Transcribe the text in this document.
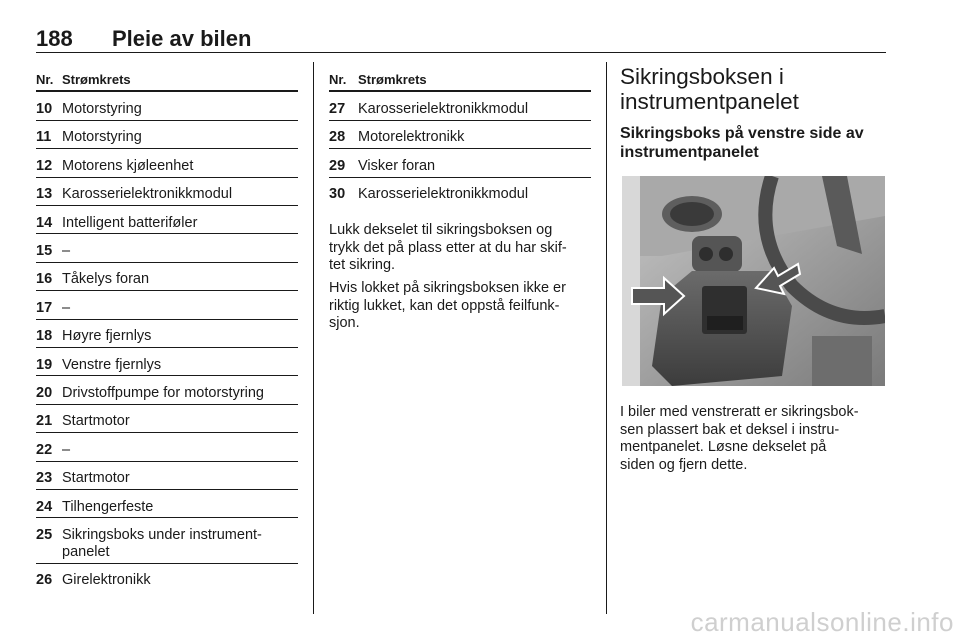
188 Pleie av bilen
Nr. Strømkrets
10 Motorstyring
11 Motorstyring
12 Motorens kjøleenhet
13 Karosserielektronikkmodul
14 Intelligent batteriføler
15 –
16 Tåkelys foran
17 –
18 Høyre fjernlys
19 Venstre fjernlys
20 Drivstoffpumpe for motorstyring
21 Startmotor
22 –
23 Startmotor
24 Tilhengerfeste
25 Sikringsboks under instrument-
panelet
26 Girelektronikk
Nr. Strømkrets
27 Karosserielektronikkmodul
28 Motorelektronikk
29 Visker foran
30 Karosserielektronikkmodul
Lukk dekselet til sikringsboksen og
trykk det på plass etter at du har skif-
tet sikring.
Hvis lokket på sikringsboksen ikke er
riktig lukket, kan det oppstå feilfunk-
sjon.
Sikringsboksen i
instrumentpanelet
Sikringsboks på venstre side av
instrumentpanelet
I biler med venstreratt er sikringsbok-
sen plassert bak et deksel i instru-
mentpanelet. Løsne dekselet på
siden og fjern dette.
carmanualsonline.info
